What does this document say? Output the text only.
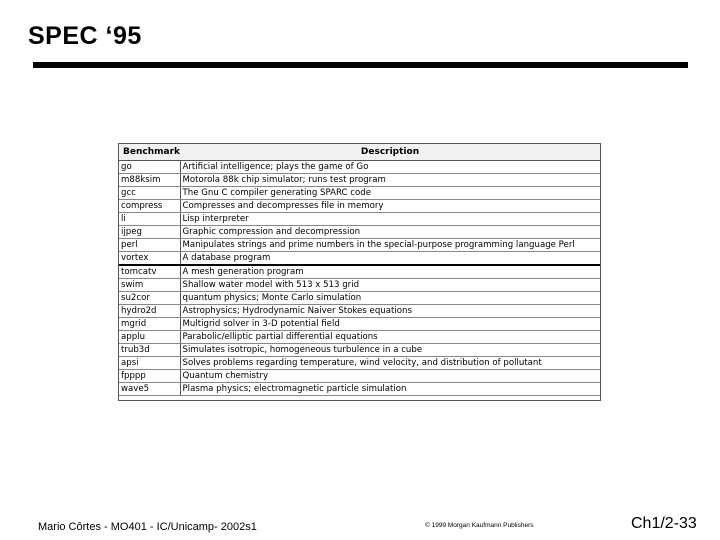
SPEC ‘95
Benchmark	Description
go	Artificial intelligence; plays the game of Go
m88ksim	Motorola 88k chip simulator; runs test program
gcc	The Gnu C compiler generating SPARC code
compress	Compresses and decompresses file in memory
li	Lisp interpreter
ijpeg	Graphic compression and decompression
perl	Manipulates strings and prime numbers in the special-purpose programming language Perl
vortex	A database program
tomcatv	A mesh generation program
swim	Shallow water model with 513 x 513 grid
su2cor	quantum physics; Monte Carlo simulation
hydro2d	Astrophysics; Hydrodynamic Naiver Stokes equations
mgrid	Multigrid solver in 3-D potential field
applu	Parabolic/elliptic partial differential equations
trub3d	Simulates isotropic, homogeneous turbulence in a cube
apsi	Solves problems regarding temperature, wind velocity, and distribution of pollutant
fpppp	Quantum chemistry
wave5	Plasma physics; electromagnetic particle simulation
Mario Côrtes - MO401 - IC/Unicamp- 2002s1	© 1999 Morgan Kaufmann Publishers	Ch1/2-33
